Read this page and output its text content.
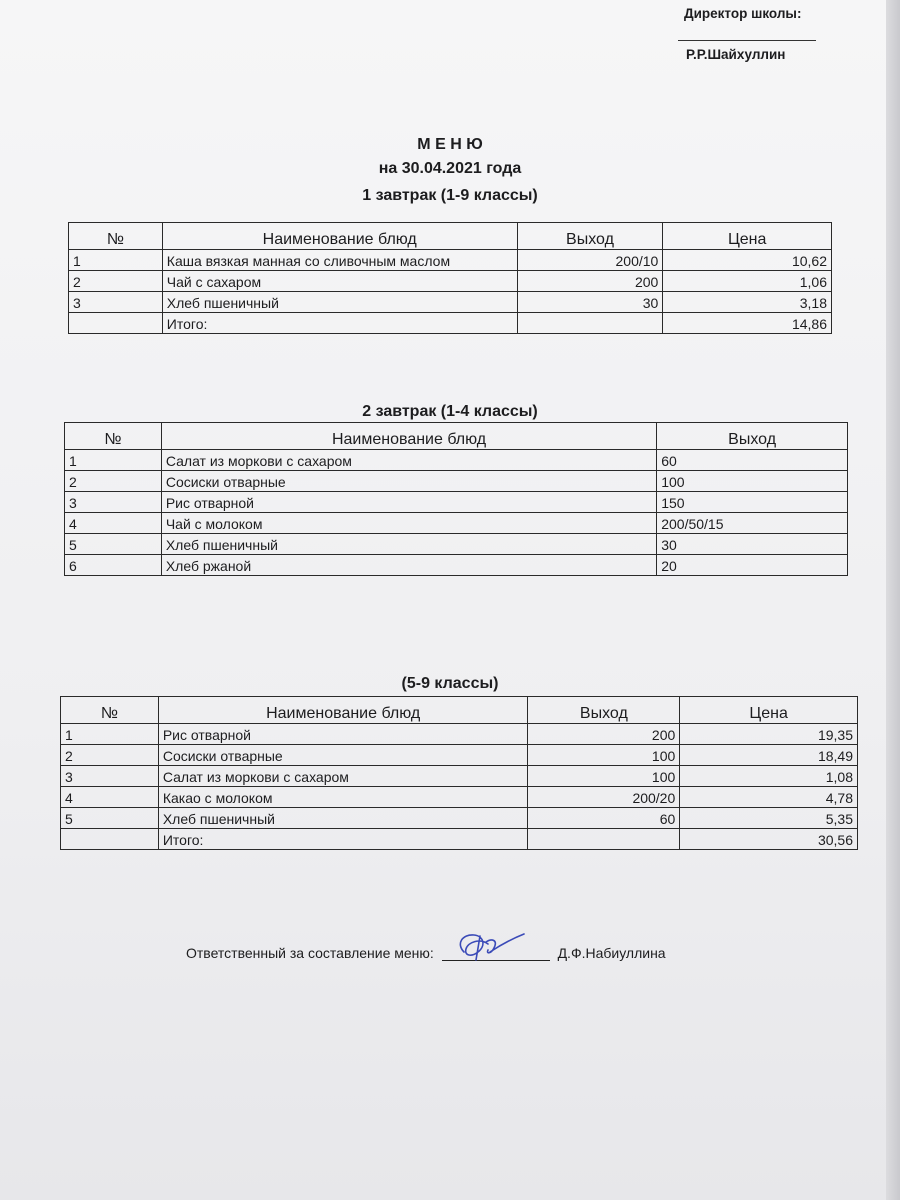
Директор школы:
Р.Р.Шайхуллин
М Е Н Ю
на 30.04.2021 года
1 завтрак (1-9 классы)
№	Наименование блюд	Выход	Цена
1	Каша вязкая манная со сливочным маслом	200/10	10,62
2	Чай с сахаром	200	1,06
3	Хлеб пшеничный	30	3,18
	Итого:		14,86
2 завтрак (1-4 классы)
№	Наименование блюд	Выход
1	Салат из моркови с сахаром	60
2	Сосиски отварные	100
3	Рис отварной	150
4	Чай с молоком	200/50/15
5	Хлеб пшеничный	30
6	Хлеб ржаной	20
(5-9 классы)
№	Наименование блюд	Выход	Цена
1	Рис отварной	200	19,35
2	Сосиски отварные	100	18,49
3	Салат из моркови с сахаром	100	1,08
4	Какао с молоком	200/20	4,78
5	Хлеб пшеничный	60	5,35
	Итого:		30,56
Ответственный за составление меню:	Д.Ф.Набиуллина
